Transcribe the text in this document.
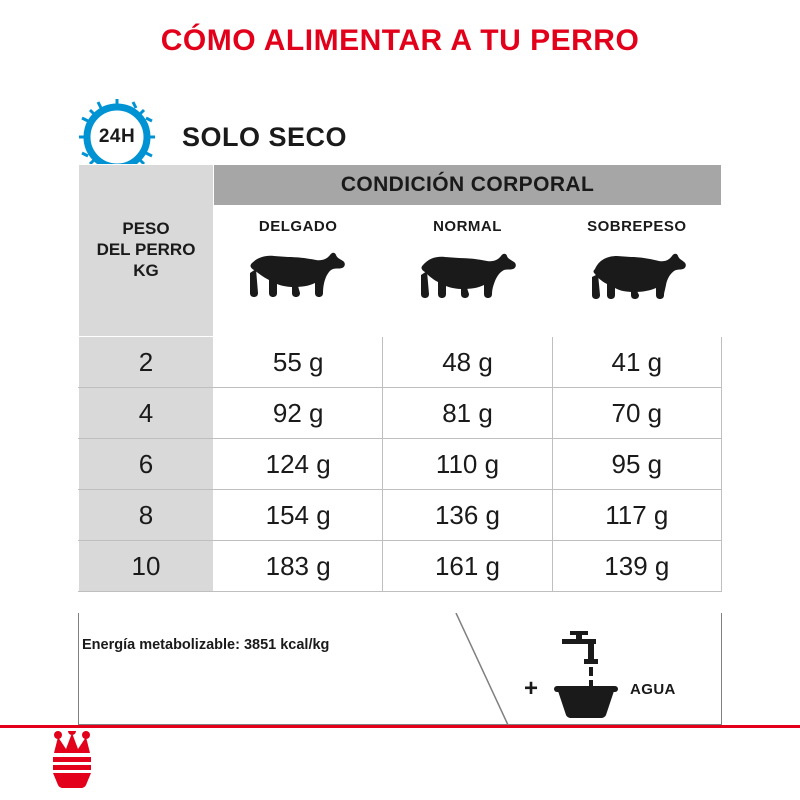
CÓMO ALIMENTAR A TU PERRO
24H	SOLO SECO
PESO
DEL PERRO
KG	CONDICIÓN CORPORAL		

	DELGADO	NORMAL	SOBREPESO

2	55 g	48 g	41 g
4	92 g	81 g	70 g
6	124 g	110 g	95 g
8	154 g	136 g	117 g
10	183 g	161 g	139 g
Energía metabolizable: 3851 kcal/kg
+	AGUA
